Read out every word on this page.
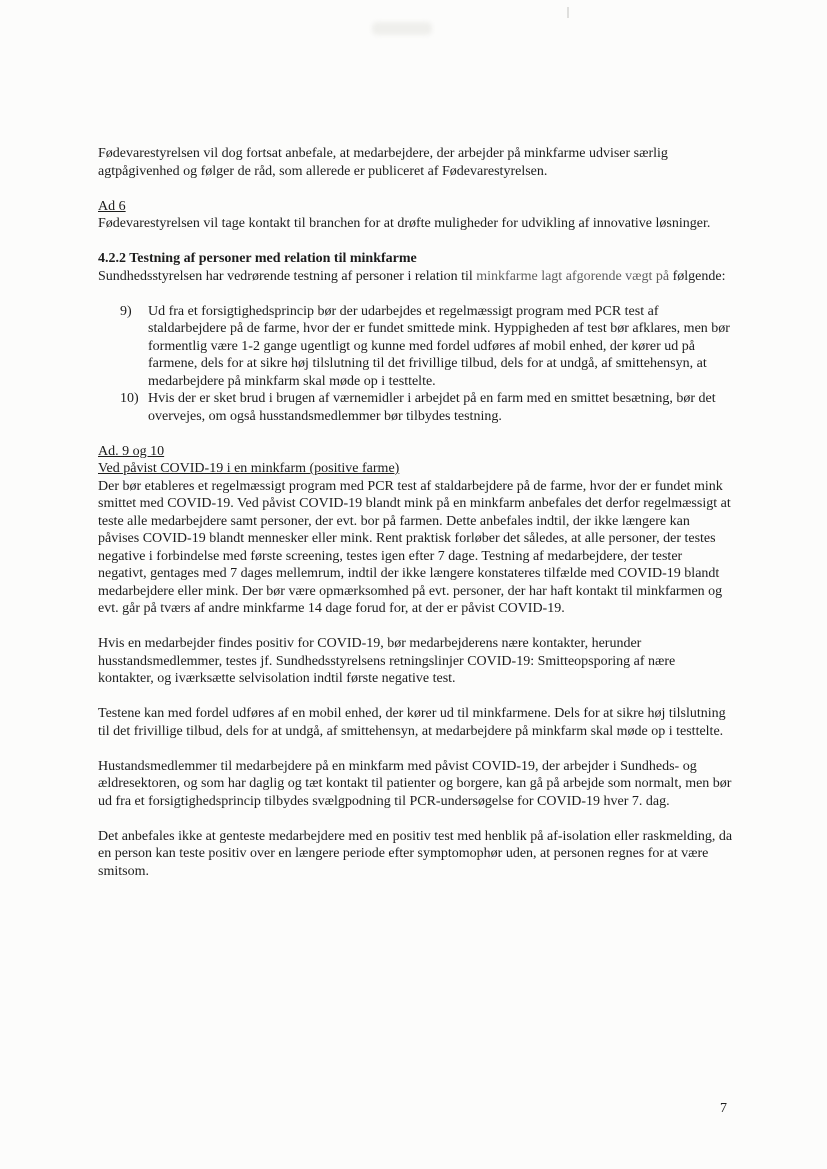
Fødevarestyrelsen vil dog fortsat anbefale, at medarbejdere, der arbejder på minkfarme udviser særlig agtpågivenhed og følger de råd, som allerede er publiceret af Fødevarestyrelsen.

Ad 6

Fødevarestyrelsen vil tage kontakt til branchen for at drøfte muligheder for udvikling af innovative løsninger.

4.2.2 Testning af personer med relation til minkfarme

Sundhedsstyrelsen har vedrørende testning af personer i relation til minkfarme lagt afgorende vægt på følgende:

9)	Ud fra et forsigtighedsprincip bør der udarbejdes et regelmæssigt program med PCR test af staldarbejdere på de farme, hvor der er fundet smittede mink. Hyppigheden af test bør afklares, men bør formentlig være 1-2 gange ugentligt og kunne med fordel udføres af mobil enhed, der kører ud på farmene, dels for at sikre høj tilslutning til det frivillige tilbud, dels for at undgå, af smittehensyn, at medarbejdere på minkfarm skal møde op i testtelte.
10) Hvis der er sket brud i brugen af værnemidler i arbejdet på en farm med en smittet besætning, bør det overvejes, om også husstandsmedlemmer bør tilbydes testning.

Ad. 9 og 10

Ved påvist COVID-19 i en minkfarm (positive farme)

Der bør etableres et regelmæssigt program med PCR test af staldarbejdere på de farme, hvor der er fundet mink smittet med COVID-19. Ved påvist COVID-19 blandt mink på en minkfarm anbefales det derfor regelmæssigt at teste alle medarbejdere samt personer, der evt. bor på farmen. Dette anbefales indtil, der ikke længere kan påvises COVID-19 blandt mennesker eller mink. Rent praktisk forløber det således, at alle personer, der testes negative i forbindelse med første screening, testes igen efter 7 dage. Testning af medarbejdere, der tester negativt, gentages med 7 dages mellemrum, indtil der ikke længere konstateres tilfælde med COVID-19 blandt medarbejdere eller mink. Der bør være opmærksomhed på evt. personer, der har haft kontakt til minkfarmen og evt. går på tværs af andre minkfarme 14 dage forud for, at der er påvist COVID-19.

Hvis en medarbejder findes positiv for COVID-19, bør medarbejderens nære kontakter, herunder husstandsmedlemmer, testes jf. Sundhedsstyrelsens retningslinjer COVID-19: Smitteopsporing af nære kontakter, og iværksætte selvisolation indtil første negative test.

Testene kan med fordel udføres af en mobil enhed, der kører ud til minkfarmene. Dels for at sikre høj tilslutning til det frivillige tilbud, dels for at undgå, af smittehensyn, at medarbejdere på minkfarm skal møde op i testtelte.

Hustandsmedlemmer til medarbejdere på en minkfarm med påvist COVID-19, der arbejder i Sundheds- og ældresektoren, og som har daglig og tæt kontakt til patienter og borgere, kan gå på arbejde som normalt, men bør ud fra et forsigtighedsprincip tilbydes svælgpodning til PCR-undersøgelse for COVID-19 hver 7. dag.

Det anbefales ikke at genteste medarbejdere med en positiv test med henblik på af-isolation eller raskmelding, da en person kan teste positiv over en længere periode efter symptomophør uden, at personen regnes for at være smitsom.

7
